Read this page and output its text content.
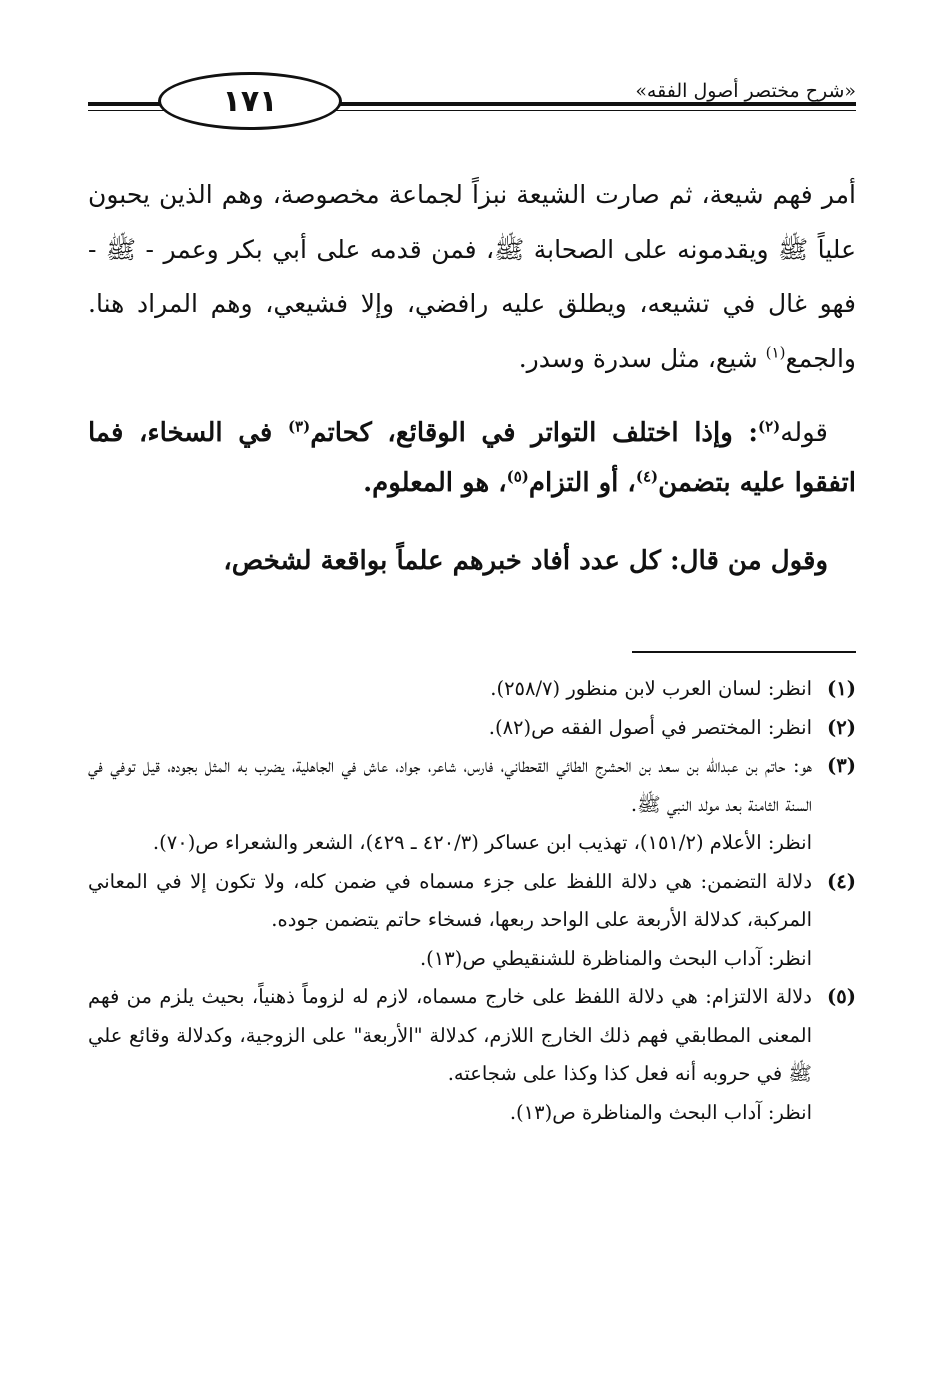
١٧١	«شرح مختصر أصول الفقه»

أمر فهم شيعة، ثم صارت الشيعة نبزاً لجماعة مخصوصة، وهم الذين يحبون علياً ﷺ ويقدمونه على الصحابة ﷺ، فمن قدمه على أبي بكر وعمر - ﷺ - فهو غال في تشيعه، ويطلق عليه رافضي، وإلا فشيعي، وهم المراد هنا. والجمع$^{(١)}$ شيع، مثل سدرة وسدر.

قوله$^{(٢)}$: وإذا اختلف التواتر في الوقائع، كحاتم$^{(٣)}$ في السخاء، فما اتفقوا عليه بتضمن$^{(٤)}$، أو التزام$^{(٥)}$، هو المعلوم.

وقول من قال: كل عدد أفاد خبرهم علماً بواقعة لشخص،

(١)

انظر: لسان العرب لابن منظور (٢٥٨/٧).

(٢)

انظر: المختصر في أصول الفقه ص(٨٢).

(٣)

هو: حاتم بن عبدالله بن سعد بن الحشرج الطائي القحطاني، فارس، شاعر، جواد، عاش في الجاهلية، يضرب به المثل بجوده، قيل توفي في السنة الثامنة بعد مولد النبي ﷺ.

انظر: الأعلام (١٥١/٢)، تهذيب ابن عساكر (٤٢٠/٣ ـ ٤٢٩)، الشعر والشعراء ص(٧٠).

(٤)

دلالة التضمن: هي دلالة اللفظ على جزء مسماه في ضمن كله، ولا تكون إلا في المعاني المركبة، كدلالة الأربعة على الواحد ربعها، فسخاء حاتم يتضمن جوده.

انظر: آداب البحث والمناظرة للشنقيطي ص(١٣).

(٥)

دلالة الالتزام: هي دلالة اللفظ على خارج مسماه، لازم له لزوماً ذهنياً، بحيث يلزم من فهم المعنى المطابقي فهم ذلك الخارج اللازم، كدلالة "الأربعة" على الزوجية، وكدلالة وقائع علي ﷺ في حروبه أنه فعل كذا وكذا على شجاعته.

انظر: آداب البحث والمناظرة ص(١٣).
